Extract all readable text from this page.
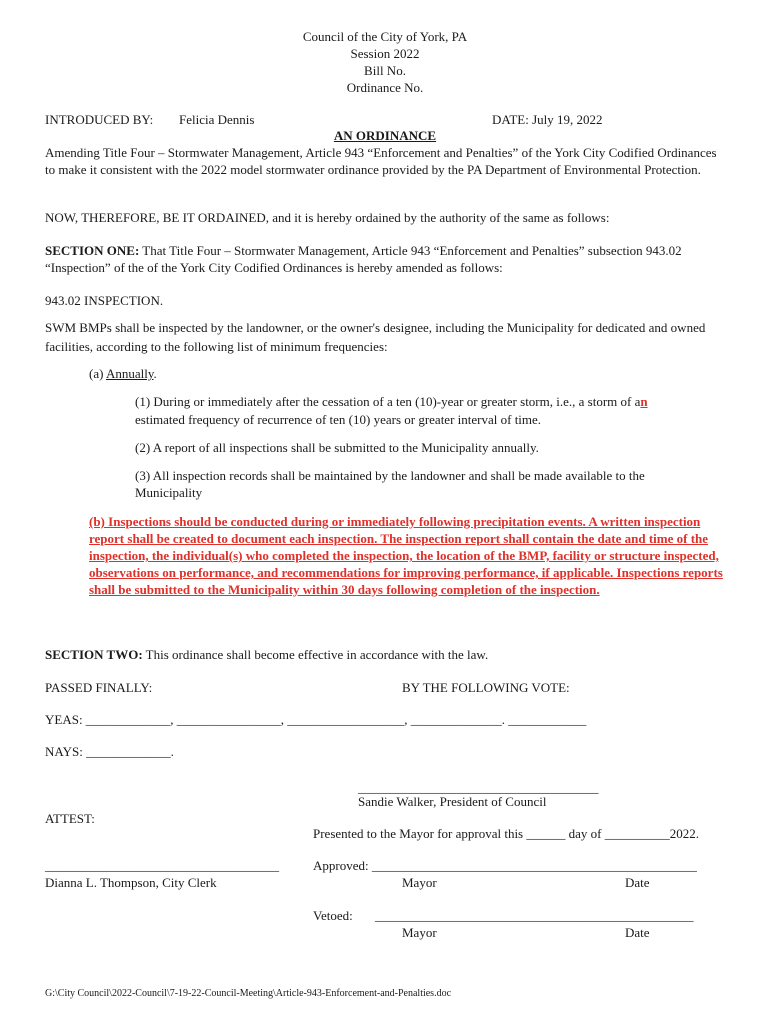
Council of the City of York, PA
Session 2022
Bill No.
Ordinance No.
INTRODUCED BY: Felicia Dennis	DATE: July 19, 2022
AN ORDINANCE
Amending Title Four – Stormwater Management, Article 943 “Enforcement and Penalties” of the York City Codified Ordinances to make it consistent with the 2022 model stormwater ordinance provided by the PA Department of Environmental Protection.
NOW, THEREFORE, BE IT ORDAINED, and it is hereby ordained by the authority of the same as follows:
SECTION ONE: That Title Four – Stormwater Management, Article 943 “Enforcement and Penalties” subsection 943.02 “Inspection” of the of the York City Codified Ordinances is hereby amended as follows:
943.02 INSPECTION.
SWM BMPs shall be inspected by the landowner, or the owner's designee, including the Municipality for dedicated and owned facilities, according to the following list of minimum frequencies:
(a) Annually.
(1) During or immediately after the cessation of a ten (10)-year or greater storm, i.e., a storm of an
estimated frequency of recurrence of ten (10) years or greater interval of time.
(2) A report of all inspections shall be submitted to the Municipality annually.
(3) All inspection records shall be maintained by the landowner and shall be made available to the Municipality
(b) Inspections should be conducted during or immediately following precipitation events. A written inspection report shall be created to document each inspection. The inspection report shall contain the date and time of the inspection, the individual(s) who completed the inspection, the location of the BMP, facility or structure inspected, observations on performance, and recommendations for improving performance, if applicable. Inspections reports shall be submitted to the Municipality within 30 days following completion of the inspection.
SECTION TWO: This ordinance shall become effective in accordance with the law.
PASSED FINALLY:	BY THE FOLLOWING VOTE:
YEAS: _____________, ________________, __________________, ______________. ____________
NAYS: _____________.
_____________________________________
Sandie Walker, President of Council
ATTEST:
Presented to the Mayor for approval this ______ day of __________2022.
____________________________________	Approved: __________________________________________________
Dianna L. Thompson, City Clerk	Mayor	Date
Vetoed: _________________________________________________
Mayor	Date
G:\City Council\2022-Council\7-19-22-Council-Meeting\Article-943-Enforcement-and-Penalties.doc
